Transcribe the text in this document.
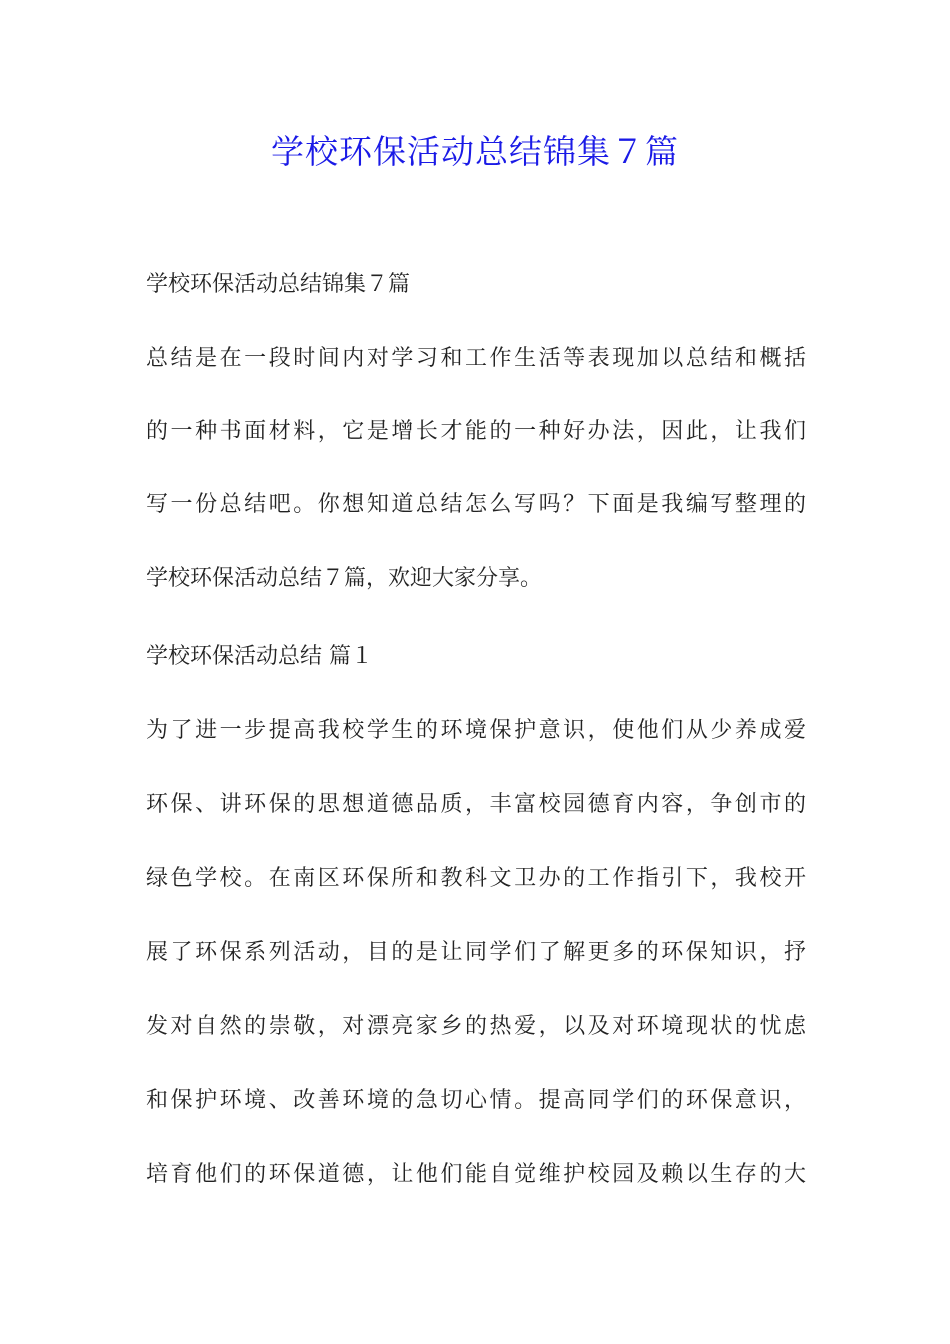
学校环保活动总结锦集７篇

学校环保活动总结锦集７篇

总结是在一段时间内对学习和工作生活等表现加以总结和概括

的一种书面材料，它是增长才能的一种好办法，因此，让我们

写一份总结吧。你想知道总结怎么写吗？下面是我编写整理的

学校环保活动总结７篇，欢迎大家分享。

学校环保活动总结 篇１

为了进一步提高我校学生的环境保护意识，使他们从少养成爱

环保、讲环保的思想道德品质，丰富校园德育内容，争创市的

绿色学校。在南区环保所和教科文卫办的工作指引下，我校开

展了环保系列活动，目的是让同学们了解更多的环保知识，抒

发对自然的崇敬，对漂亮家乡的热爱，以及对环境现状的忧虑

和保护环境、改善环境的急切心情。提高同学们的环保意识，

培育他们的环保道德，让他们能自觉维护校园及赖以生存的大
